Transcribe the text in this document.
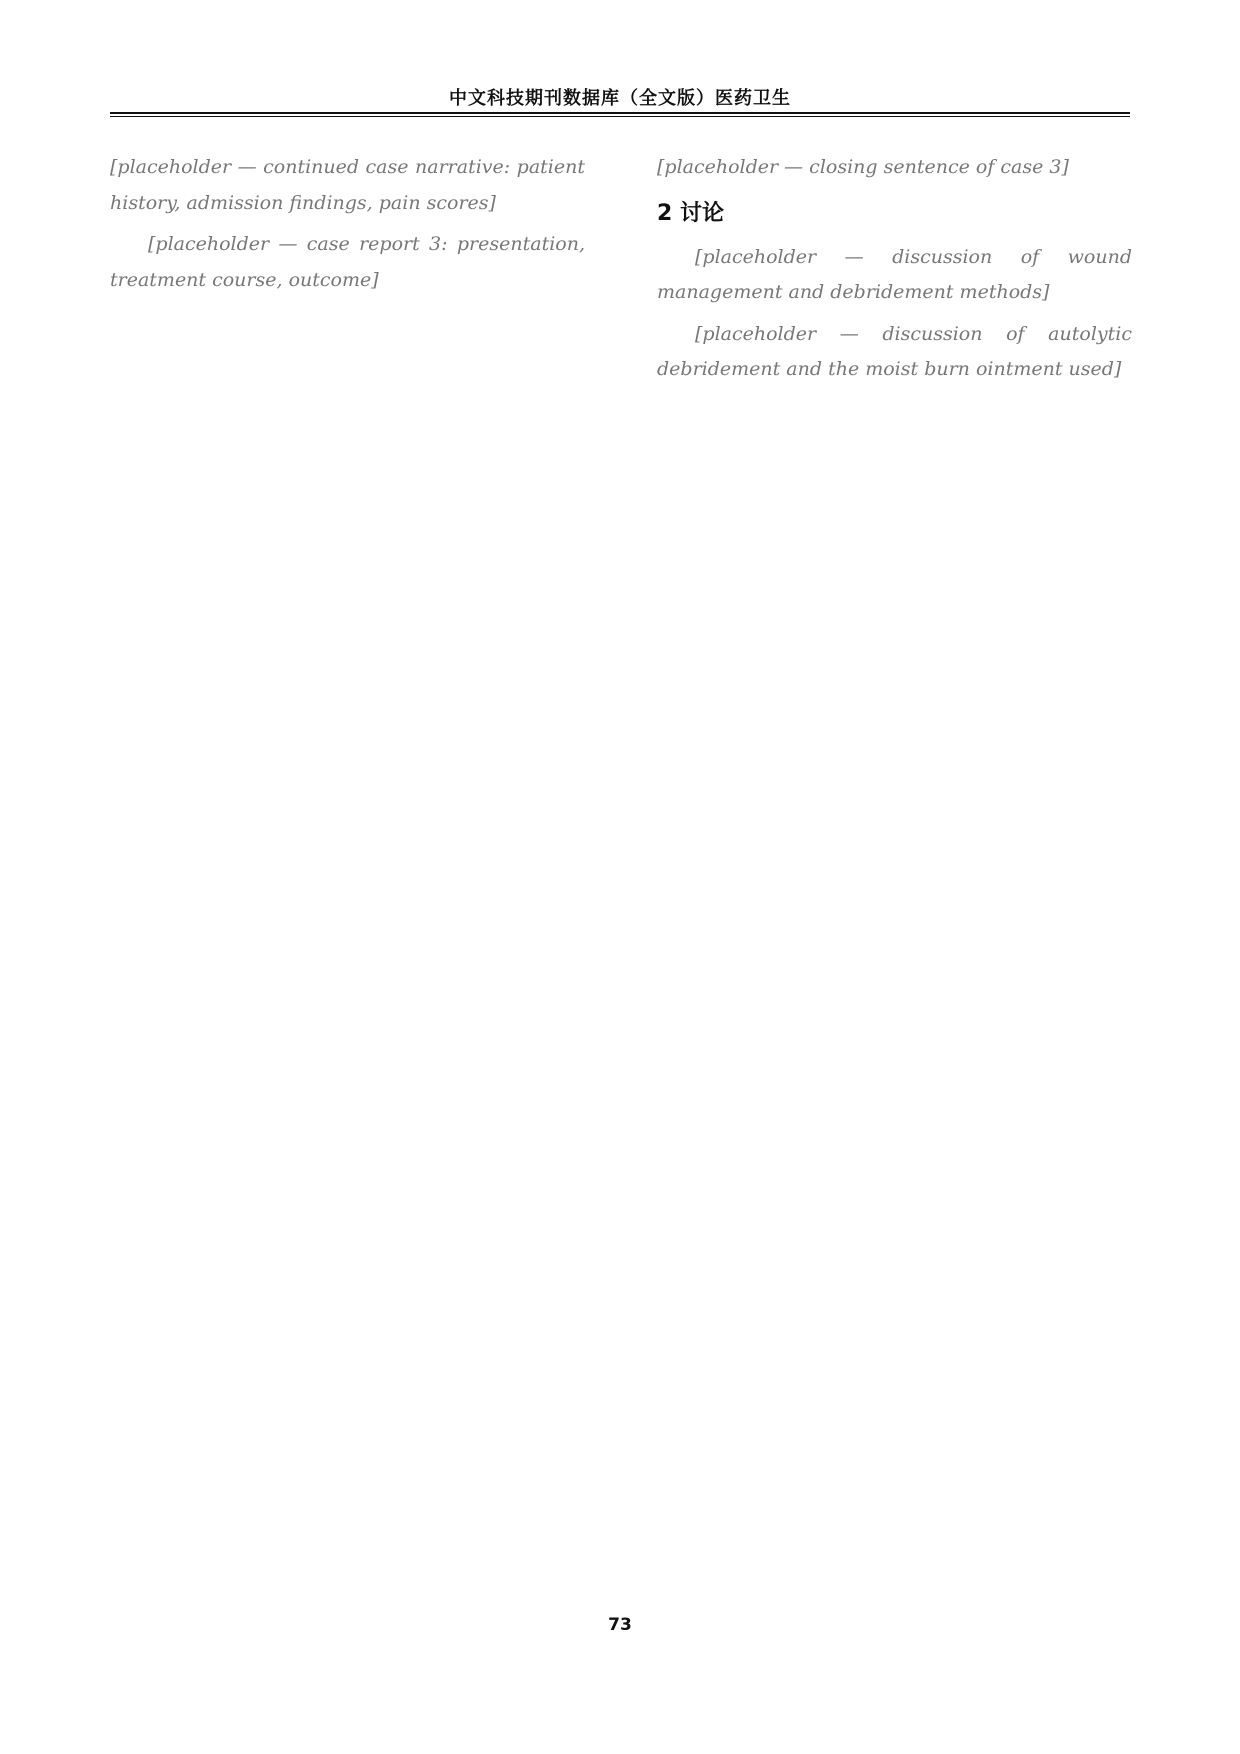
中文科技期刊数据库（全文版）医药卫生

[placeholder — continued case narrative: patient history, admission findings, pain scores]

[placeholder — case report 3: presentation, treatment course, outcome]

[placeholder — closing sentence of case 3]

2 讨论

[placeholder — discussion of wound management and debridement methods]

[placeholder — discussion of autolytic debridement and the moist burn ointment used]

73
